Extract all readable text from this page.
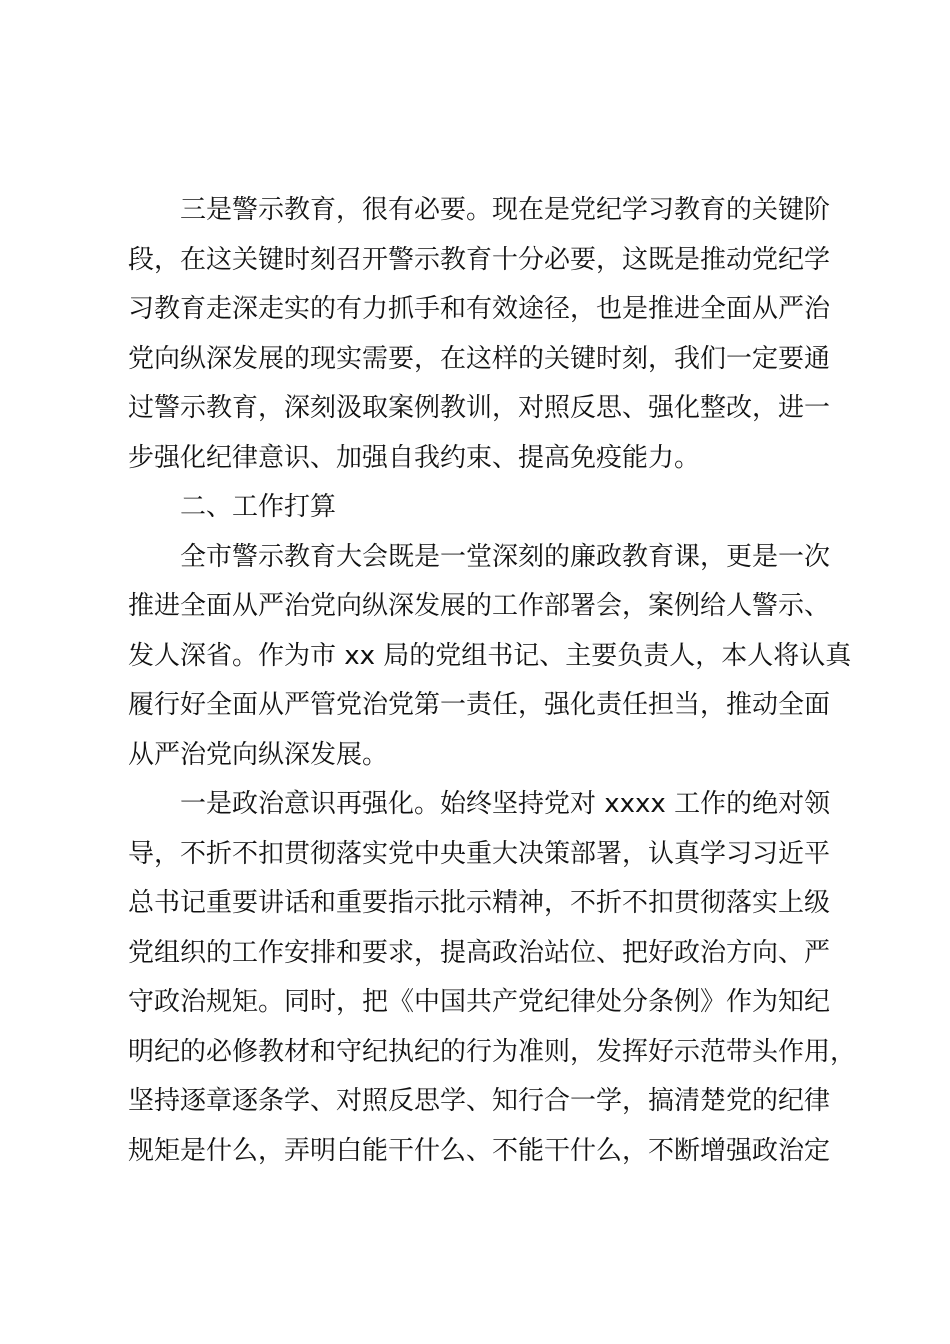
三是警示教育，很有必要。现在是党纪学习教育的关键阶
段，在这关键时刻召开警示教育十分必要，这既是推动党纪学
习教育走深走实的有力抓手和有效途径，也是推进全面从严治
党向纵深发展的现实需要，在这样的关键时刻，我们一定要通
过警示教育，深刻汲取案例教训，对照反思、强化整改，进一
步强化纪律意识、加强自我约束、提高免疫能力。
二、工作打算
全市警示教育大会既是一堂深刻的廉政教育课，更是一次
推进全面从严治党向纵深发展的工作部署会，案例给人警示、
发人深省。作为市 xx 局的党组书记、主要负责人，本人将认真
履行好全面从严管党治党第一责任，强化责任担当，推动全面
从严治党向纵深发展。
一是政治意识再强化。始终坚持党对 xxxx 工作的绝对领
导，不折不扣贯彻落实党中央重大决策部署，认真学习习近平
总书记重要讲话和重要指示批示精神，不折不扣贯彻落实上级
党组织的工作安排和要求，提高政治站位、把好政治方向、严
守政治规矩。同时，把《中国共产党纪律处分条例》作为知纪
明纪的必修教材和守纪执纪的行为准则，发挥好示范带头作用，
坚持逐章逐条学、对照反思学、知行合一学，搞清楚党的纪律
规矩是什么，弄明白能干什么、不能干什么，不断增强政治定
